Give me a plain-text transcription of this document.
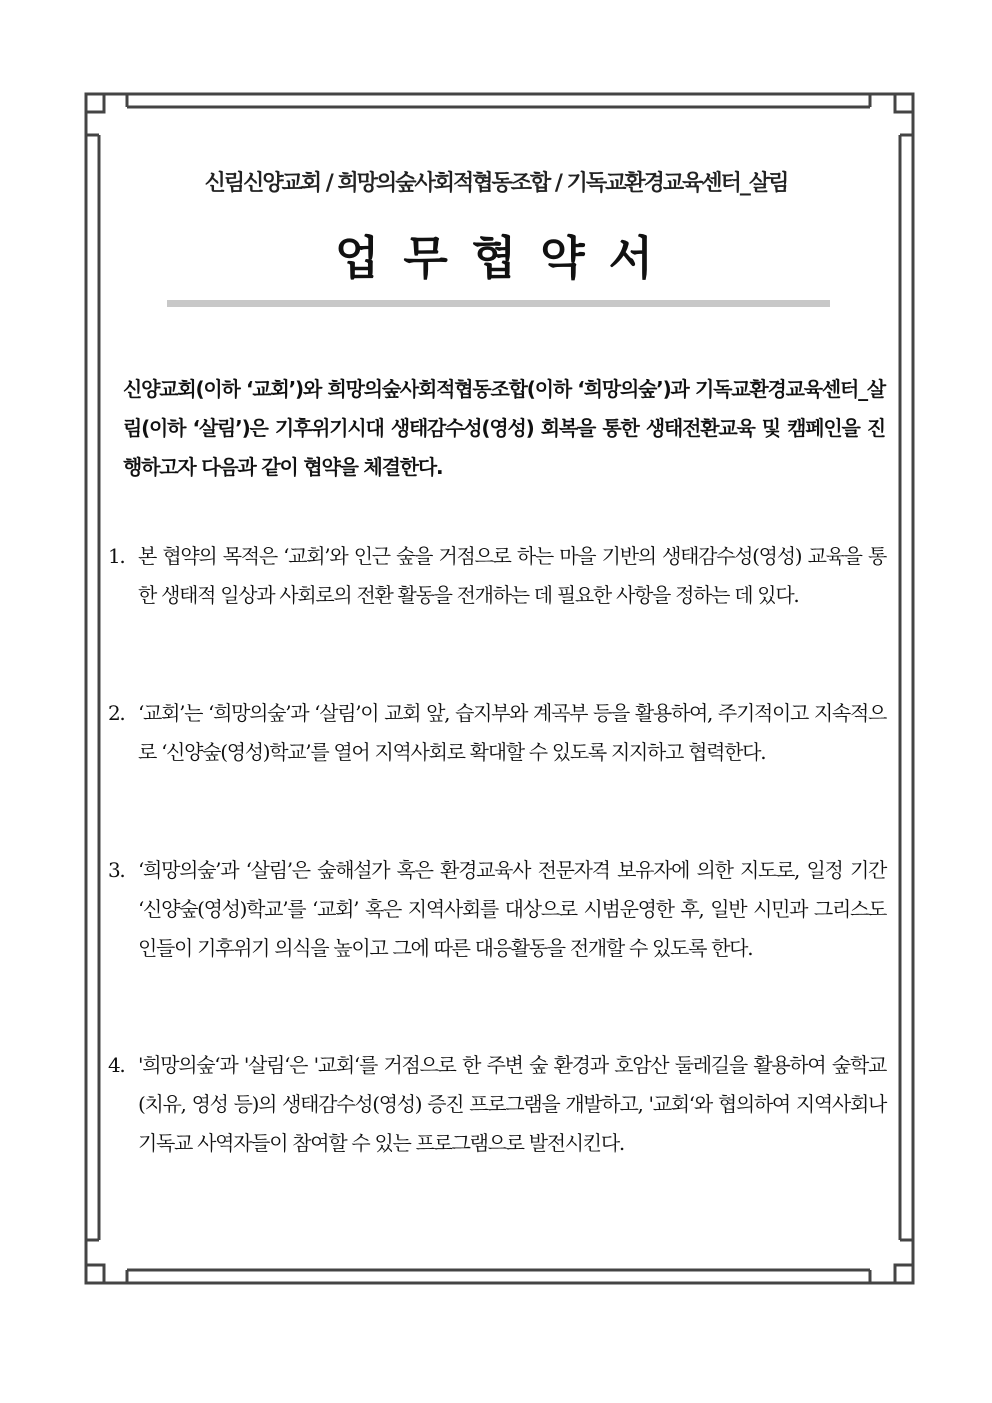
신림신양교회 / 희망의숲사회적협동조합 / 기독교환경교육센터_살림
업 무 협 약 서

신양교회(이하 ‘교회’)와 희망의숲사회적협동조합(이하 ‘희망의숲’)과 기독교환경교육센터_살림(이하 ‘살림’)은 기후위기시대 생태감수성(영성) 회복을 통한 생태전환교육 및 캠페인을 진행하고자 다음과 같이 협약을 체결한다.

1. 본 협약의 목적은 ‘교회’와 인근 숲을 거점으로 하는 마을 기반의 생태감수성(영성) 교육을 통한 생태적 일상과 사회로의 전환 활동을 전개하는 데 필요한 사항을 정하는 데 있다.

2. ‘교회’는 ‘희망의숲’과 ‘살림’이 교회 앞, 습지부와 계곡부 등을 활용하여, 주기적이고 지속적으로 ‘신양숲(영성)학교’를 열어 지역사회로 확대할 수 있도록 지지하고 협력한다.

3. ‘희망의숲’과 ‘살림’은 숲해설가 혹은 환경교육사 전문자격 보유자에 의한 지도로, 일정 기간 ‘신양숲(영성)학교’를 ‘교회’ 혹은 지역사회를 대상으로 시범운영한 후, 일반 시민과 그리스도인들이 기후위기 의식을 높이고 그에 따른 대응활동을 전개할 수 있도록 한다.

4. '희망의숲‘과 '살림‘은 '교회‘를 거점으로 한 주변 숲 환경과 호암산 둘레길을 활용하여 숲학교(치유, 영성 등)의 생태감수성(영성) 증진 프로그램을 개발하고, '교회‘와 협의하여 지역사회나 기독교 사역자들이 참여할 수 있는 프로그램으로 발전시킨다.
